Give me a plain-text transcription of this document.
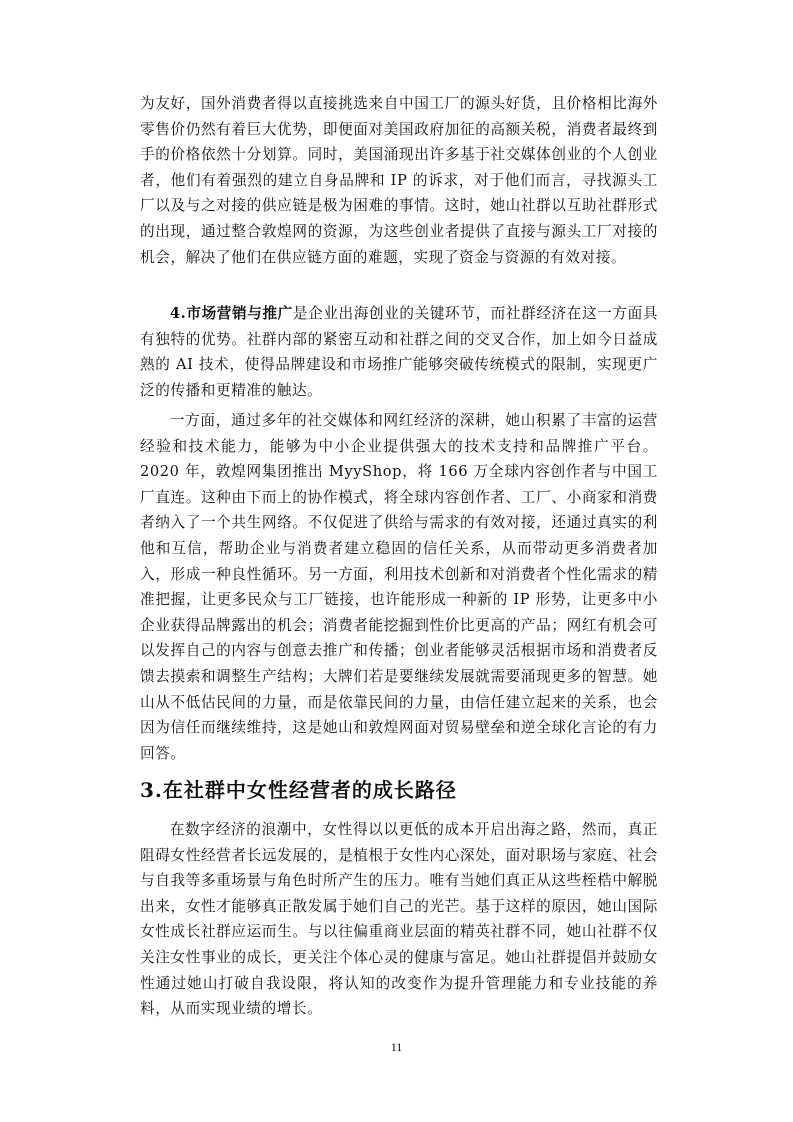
为友好，国外消费者得以直接挑选来自中国工厂的源头好货，且价格相比海外零售价仍然有着巨大优势，即便面对美国政府加征的高额关税，消费者最终到手的价格依然十分划算。同时，美国涌现出许多基于社交媒体创业的个人创业者，他们有着强烈的建立自身品牌和 IP 的诉求，对于他们而言，寻找源头工厂以及与之对接的供应链是极为困难的事情。这时，她山社群以互助社群形式的出现，通过整合敦煌网的资源，为这些创业者提供了直接与源头工厂对接的机会，解决了他们在供应链方面的难题，实现了资金与资源的有效对接。

4.市场营销与推广是企业出海创业的关键环节，而社群经济在这一方面具有独特的优势。社群内部的紧密互动和社群之间的交叉合作，加上如今日益成熟的 AI 技术，使得品牌建设和市场推广能够突破传统模式的限制，实现更广泛的传播和更精准的触达。

一方面，通过多年的社交媒体和网红经济的深耕，她山积累了丰富的运营经验和技术能力，能够为中小企业提供强大的技术支持和品牌推广平台。2020 年，敦煌网集团推出 MyyShop，将 166 万全球内容创作者与中国工厂直连。这种由下而上的协作模式，将全球内容创作者、工厂、小商家和消费者纳入了一个共生网络。不仅促进了供给与需求的有效对接，还通过真实的利他和互信，帮助企业与消费者建立稳固的信任关系，从而带动更多消费者加入，形成一种良性循环。另一方面，利用技术创新和对消费者个性化需求的精准把握，让更多民众与工厂链接，也许能形成一种新的 IP 形势，让更多中小企业获得品牌露出的机会；消费者能挖掘到性价比更高的产品；网红有机会可以发挥自己的内容与创意去推广和传播；创业者能够灵活根据市场和消费者反馈去摸索和调整生产结构；大牌们若是要继续发展就需要涌现更多的智慧。她山从不低估民间的力量，而是依靠民间的力量，由信任建立起来的关系，也会因为信任而继续维持，这是她山和敦煌网面对贸易壁垒和逆全球化言论的有力回答。

3.在社群中女性经营者的成长路径

在数字经济的浪潮中，女性得以以更低的成本开启出海之路，然而，真正阻碍女性经营者长远发展的，是植根于女性内心深处，面对职场与家庭、社会与自我等多重场景与角色时所产生的压力。唯有当她们真正从这些桎梏中解脱出来，女性才能够真正散发属于她们自己的光芒。基于这样的原因，她山国际女性成长社群应运而生。与以往偏重商业层面的精英社群不同，她山社群不仅关注女性事业的成长，更关注个体心灵的健康与富足。她山社群提倡并鼓励女性通过她山打破自我设限，将认知的改变作为提升管理能力和专业技能的养料，从而实现业绩的增长。

11
